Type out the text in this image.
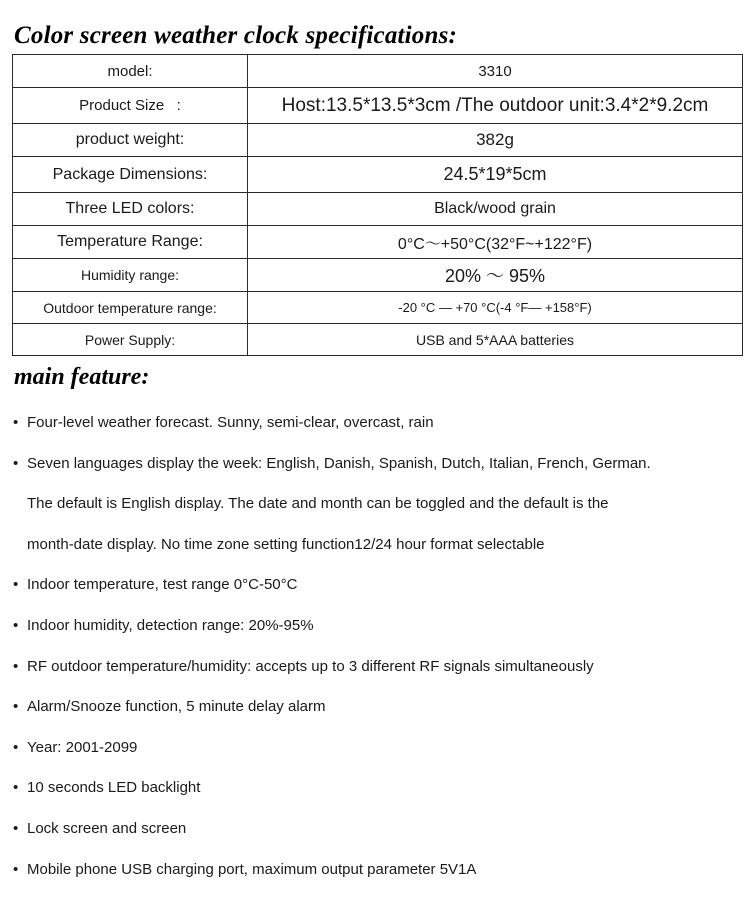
Color screen weather clock specifications:
model:	3310
Product Size   :	Host:13.5*13.5*3cm /The outdoor unit:3.4*2*9.2cm
product weight:	382g
Package Dimensions:	24.5*19*5cm
Three LED colors:	Black/wood grain
Temperature Range:	0°C～+50°C(32°F~+122°F)
Humidity range:	20% ～ 95%
Outdoor temperature range:	-20 °C — +70 °C(-4 °F— +158°F)
Power Supply:	USB and 5*AAA batteries
main feature:
• Four-level weather forecast. Sunny, semi-clear, overcast, rain
• Seven languages display the week: English, Danish, Spanish, Dutch, Italian, French, German.
The default is English display. The date and month can be toggled and the default is the
month-date display. No time zone setting function12/24 hour format selectable
• Indoor temperature, test range 0°C-50°C
• Indoor humidity, detection range: 20%-95%
• RF outdoor temperature/humidity: accepts up to 3 different RF signals simultaneously
• Alarm/Snooze function, 5 minute delay alarm
• Year: 2001-2099
• 10 seconds LED backlight
• Lock screen and screen
• Mobile phone USB charging port, maximum output parameter 5V1A
